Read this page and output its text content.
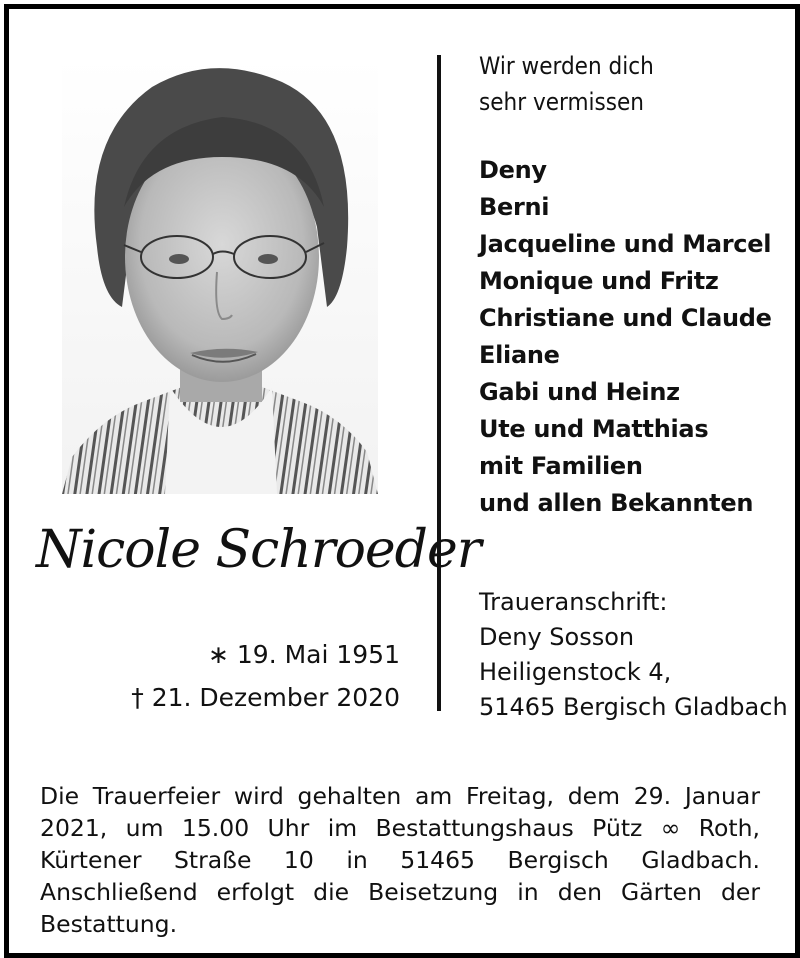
Wir werden dich
sehr vermissen
Deny
Berni
Jacqueline und Marcel
Monique und Fritz
Christiane und Claude
Eliane
Gabi und Heinz
Ute und Matthias
mit Familien
und allen Bekannten
Nicole Schroeder
∗ 19. Mai 1951
† 21. Dezember 2020
Traueranschrift:
Deny Sosson
Heiligenstock 4,
51465 Bergisch Gladbach
Die Trauerfeier wird gehalten am Freitag, dem 29. Januar 2021, um 15.00 Uhr im Bestattungshaus Pütz ∞ Roth, Kürtener Straße 10 in 51465 Bergisch Gladbach. Anschließend erfolgt die Beisetzung in den Gärten der Bestattung.
